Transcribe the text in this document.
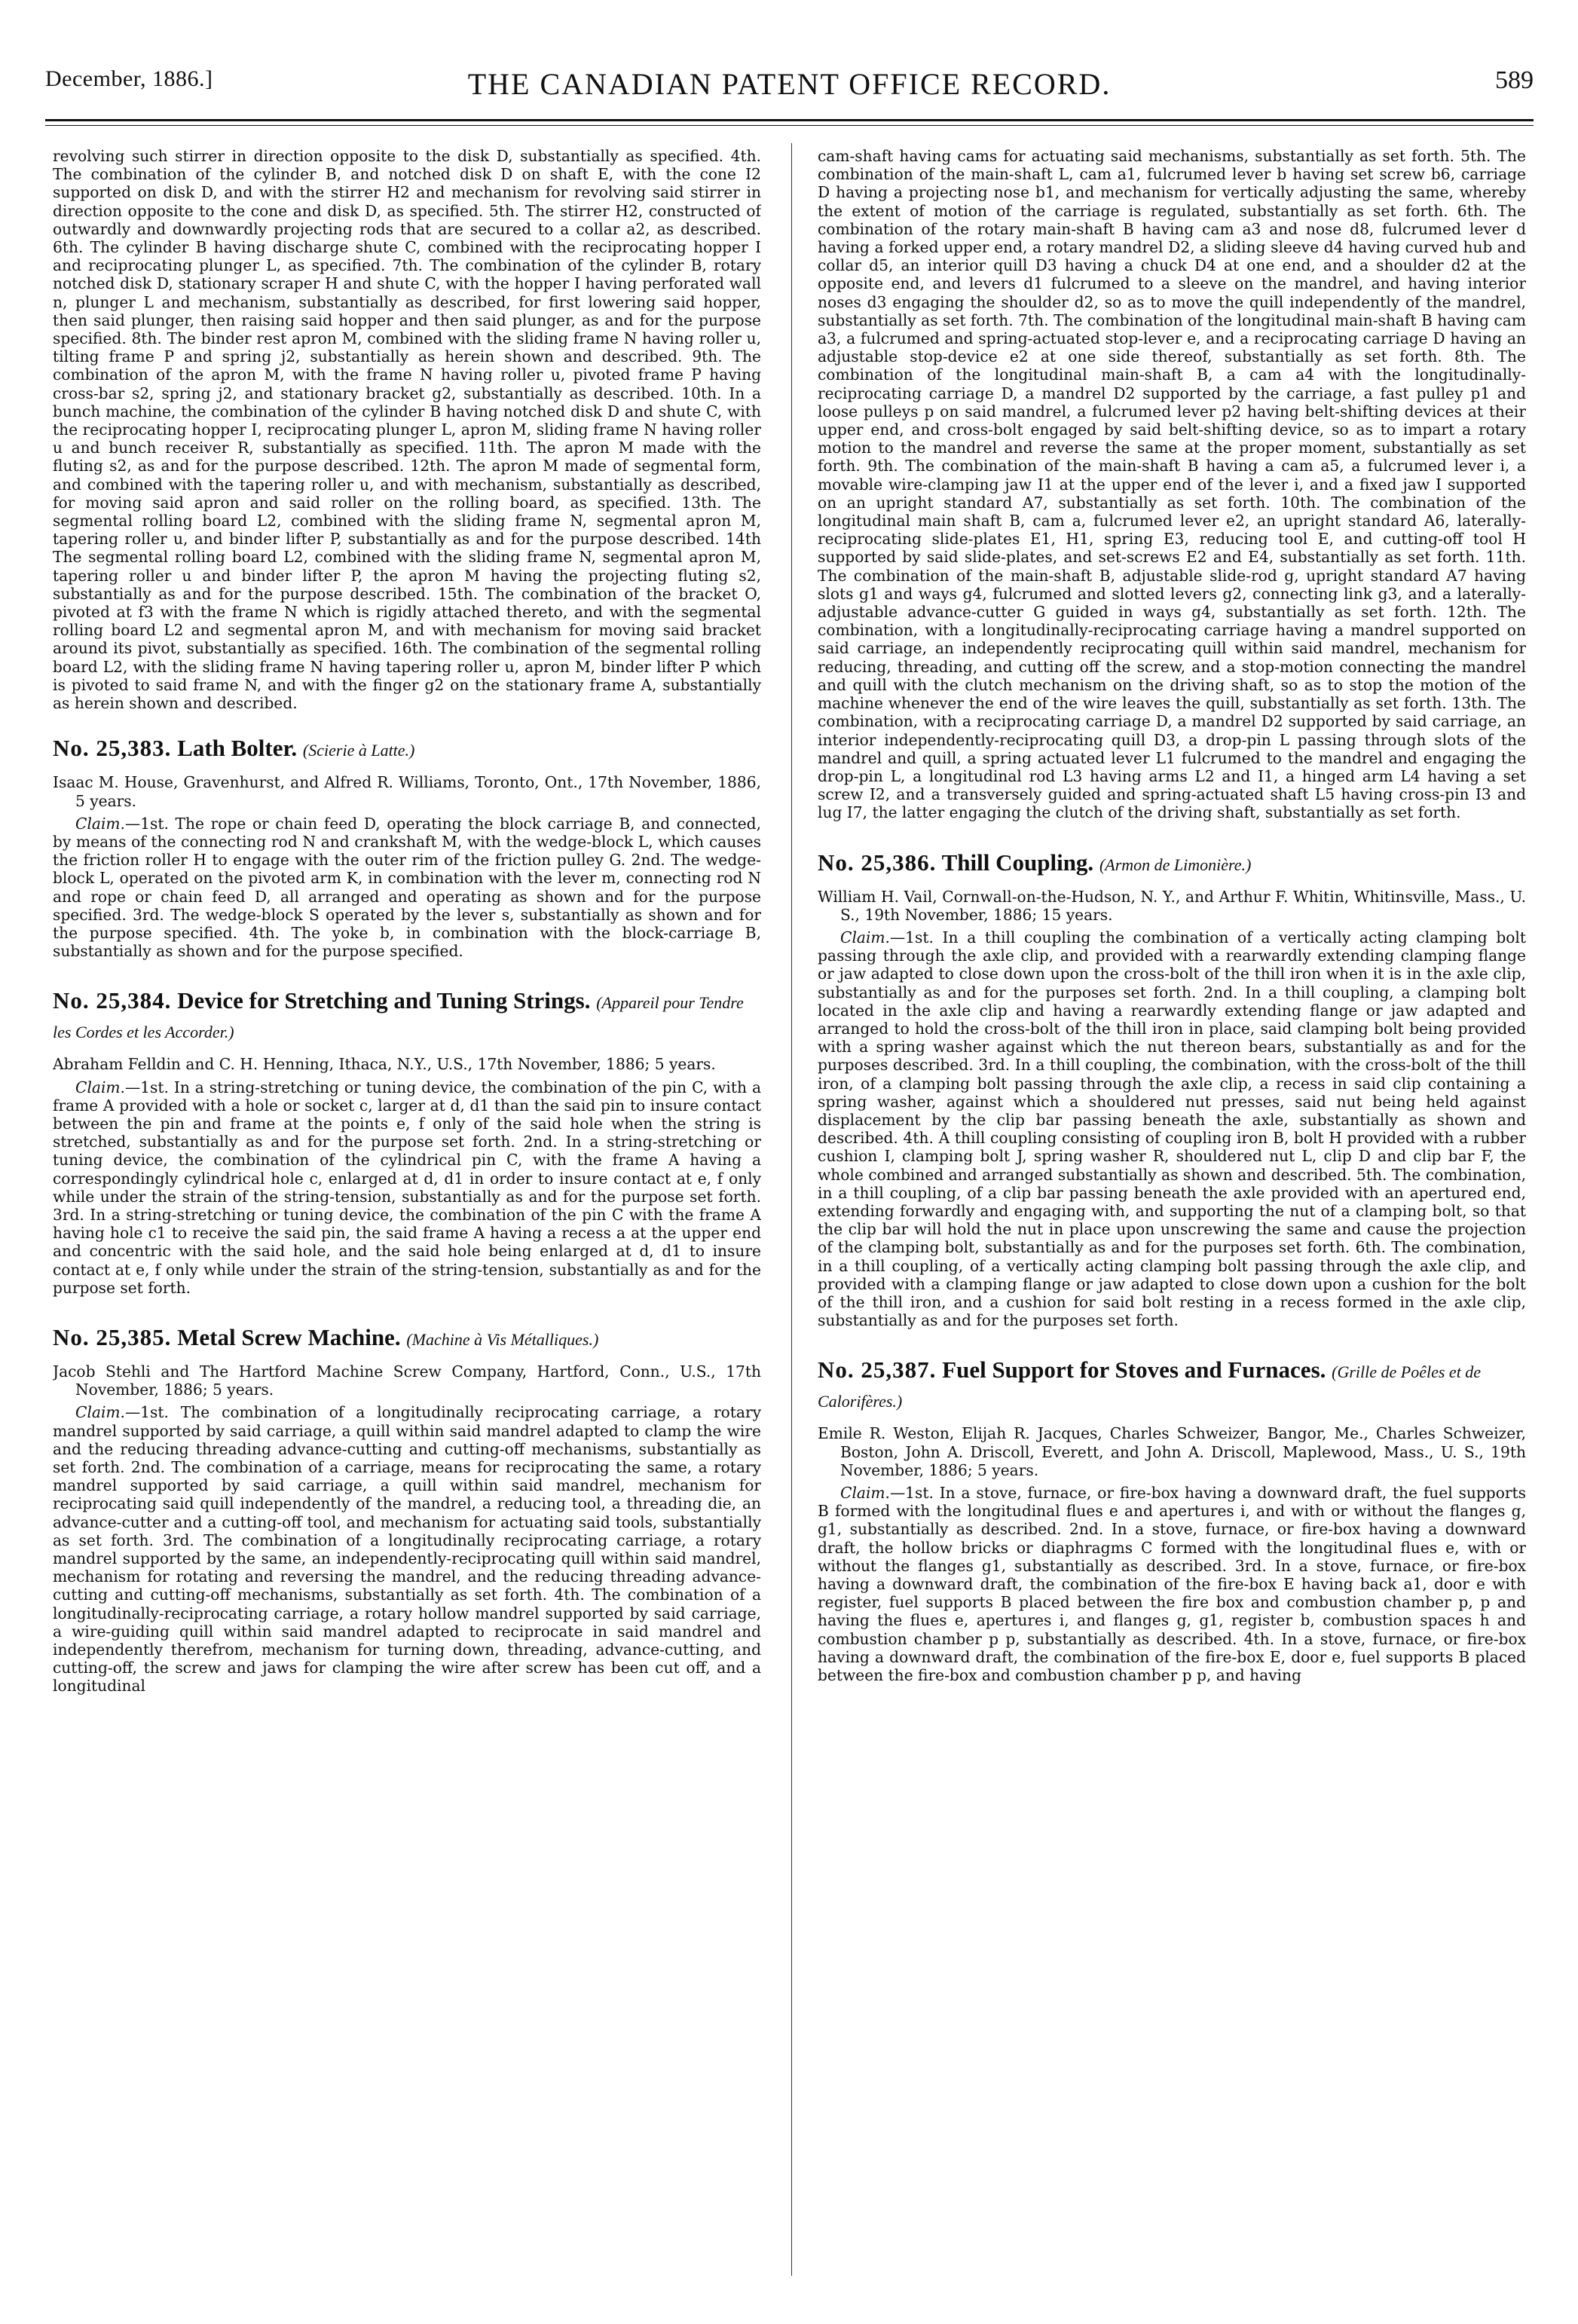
December, 1886.]	THE CANADIAN PATENT OFFICE RECORD.	589

revolving such stirrer in direction opposite to the disk D, substantially as specified. 4th. The combination of the cylinder B, and notched disk D on shaft E, with the cone I2 supported on disk D, and with the stirrer H2 and mechanism for revolving said stirrer in direction opposite to the cone and disk D, as specified. 5th. The stirrer H2, constructed of outwardly and downwardly projecting rods that are secured to a collar a2, as described. 6th. The cylinder B having discharge shute C, combined with the reciprocating hopper I and reciprocating plunger L, as specified. 7th. The combination of the cylinder B, rotary notched disk D, stationary scraper H and shute C, with the hopper I having perforated wall n, plunger L and mechanism, substantially as described, for first lowering said hopper, then said plunger, then raising said hopper and then said plunger, as and for the purpose specified. 8th. The binder rest apron M, combined with the sliding frame N having roller u, tilting frame P and spring j2, substantially as herein shown and described. 9th. The combination of the apron M, with the frame N having roller u, pivoted frame P having cross-bar s2, spring j2, and stationary bracket g2, substantially as described. 10th. In a bunch machine, the combination of the cylinder B having notched disk D and shute C, with the reciprocating hopper I, reciprocating plunger L, apron M, sliding frame N having roller u and bunch receiver R, substantially as specified. 11th. The apron M made with the fluting s2, as and for the purpose described. 12th. The apron M made of segmental form, and combined with the tapering roller u, and with mechanism, substantially as described, for moving said apron and said roller on the rolling board, as specified. 13th. The segmental rolling board L2, combined with the sliding frame N, segmental apron M, tapering roller u, and binder lifter P, substantially as and for the purpose described. 14th The segmental rolling board L2, combined with the sliding frame N, segmental apron M, tapering roller u and binder lifter P, the apron M having the projecting fluting s2, substantially as and for the purpose described. 15th. The combination of the bracket O, pivoted at f3 with the frame N which is rigidly attached thereto, and with the segmental rolling board L2 and segmental apron M, and with mechanism for moving said bracket around its pivot, substantially as specified. 16th. The combination of the segmental rolling board L2, with the sliding frame N having tapering roller u, apron M, binder lifter P which is pivoted to said frame N, and with the finger g2 on the stationary frame A, substantially as herein shown and described.

No. 25,383. Lath Bolter. (Scierie à Latte.)

Isaac M. House, Gravenhurst, and Alfred R. Williams, Toronto, Ont., 17th November, 1886, 5 years.

Claim.—1st. The rope or chain feed D, operating the block carriage B, and connected, by means of the connecting rod N and crankshaft M, with the wedge-block L, which causes the friction roller H to engage with the outer rim of the friction pulley G. 2nd. The wedge-block L, operated on the pivoted arm K, in combination with the lever m, connecting rod N and rope or chain feed D, all arranged and operating as shown and for the purpose specified. 3rd. The wedge-block S operated by the lever s, substantially as shown and for the purpose specified. 4th. The yoke b, in combination with the block-carriage B, substantially as shown and for the purpose specified.

No. 25,384. Device for Stretching and Tuning Strings. (Appareil pour Tendre les Cordes et les Accorder.)

Abraham Felldin and C. H. Henning, Ithaca, N.Y., U.S., 17th November, 1886; 5 years.

Claim.—1st. In a string-stretching or tuning device, the combination of the pin C, with a frame A provided with a hole or socket c, larger at d, d1 than the said pin to insure contact between the pin and frame at the points e, f only of the said hole when the string is stretched, substantially as and for the purpose set forth. 2nd. In a string-stretching or tuning device, the combination of the cylindrical pin C, with the frame A having a correspondingly cylindrical hole c, enlarged at d, d1 in order to insure contact at e, f only while under the strain of the string-tension, substantially as and for the purpose set forth. 3rd. In a string-stretching or tuning device, the combination of the pin C with the frame A having hole c1 to receive the said pin, the said frame A having a recess a at the upper end and concentric with the said hole, and the said hole being enlarged at d, d1 to insure contact at e, f only while under the strain of the string-tension, substantially as and for the purpose set forth.

No. 25,385. Metal Screw Machine. (Machine à Vis Métalliques.)

Jacob Stehli and The Hartford Machine Screw Company, Hartford, Conn., U.S., 17th November, 1886; 5 years.

Claim.—1st. The combination of a longitudinally reciprocating carriage, a rotary mandrel supported by said carriage, a quill within said mandrel adapted to clamp the wire and the reducing threading advance-cutting and cutting-off mechanisms, substantially as set forth. 2nd. The combination of a carriage, means for reciprocating the same, a rotary mandrel supported by said carriage, a quill within said mandrel, mechanism for reciprocating said quill independently of the mandrel, a reducing tool, a threading die, an advance-cutter and a cutting-off tool, and mechanism for actuating said tools, substantially as set forth. 3rd. The combination of a longitudinally reciprocating carriage, a rotary mandrel supported by the same, an independently-reciprocating quill within said mandrel, mechanism for rotating and reversing the mandrel, and the reducing threading advance-cutting and cutting-off mechanisms, substantially as set forth. 4th. The combination of a longitudinally-reciprocating carriage, a rotary hollow mandrel supported by said carriage, a wire-guiding quill within said mandrel adapted to reciprocate in said mandrel and independently therefrom, mechanism for turning down, threading, advance-cutting, and cutting-off, the screw and jaws for clamping the wire after screw has been cut off, and a longitudinal

cam-shaft having cams for actuating said mechanisms, substantially as set forth. 5th. The combination of the main-shaft L, cam a1, fulcrumed lever b having set screw b6, carriage D having a projecting nose b1, and mechanism for vertically adjusting the same, whereby the extent of motion of the carriage is regulated, substantially as set forth. 6th. The combination of the rotary main-shaft B having cam a3 and nose d8, fulcrumed lever d having a forked upper end, a rotary mandrel D2, a sliding sleeve d4 having curved hub and collar d5, an interior quill D3 having a chuck D4 at one end, and a shoulder d2 at the opposite end, and levers d1 fulcrumed to a sleeve on the mandrel, and having interior noses d3 engaging the shoulder d2, so as to move the quill independently of the mandrel, substantially as set forth. 7th. The combination of the longitudinal main-shaft B having cam a3, a fulcrumed and spring-actuated stop-lever e, and a reciprocating carriage D having an adjustable stop-device e2 at one side thereof, substantially as set forth. 8th. The combination of the longitudinal main-shaft B, a cam a4 with the longitudinally-reciprocating carriage D, a mandrel D2 supported by the carriage, a fast pulley p1 and loose pulleys p on said mandrel, a fulcrumed lever p2 having belt-shifting devices at their upper end, and cross-bolt engaged by said belt-shifting device, so as to impart a rotary motion to the mandrel and reverse the same at the proper moment, substantially as set forth. 9th. The combination of the main-shaft B having a cam a5, a fulcrumed lever i, a movable wire-clamping jaw I1 at the upper end of the lever i, and a fixed jaw I supported on an upright standard A7, substantially as set forth. 10th. The combination of the longitudinal main shaft B, cam a, fulcrumed lever e2, an upright standard A6, laterally-reciprocating slide-plates E1, H1, spring E3, reducing tool E, and cutting-off tool H supported by said slide-plates, and set-screws E2 and E4, substantially as set forth. 11th. The combination of the main-shaft B, adjustable slide-rod g, upright standard A7 having slots g1 and ways g4, fulcrumed and slotted levers g2, connecting link g3, and a laterally-adjustable advance-cutter G guided in ways g4, substantially as set forth. 12th. The combination, with a longitudinally-reciprocating carriage having a mandrel supported on said carriage, an independently reciprocating quill within said mandrel, mechanism for reducing, threading, and cutting off the screw, and a stop-motion connecting the mandrel and quill with the clutch mechanism on the driving shaft, so as to stop the motion of the machine whenever the end of the wire leaves the quill, substantially as set forth. 13th. The combination, with a reciprocating carriage D, a mandrel D2 supported by said carriage, an interior independently-reciprocating quill D3, a drop-pin L passing through slots of the mandrel and quill, a spring actuated lever L1 fulcrumed to the mandrel and engaging the drop-pin L, a longitudinal rod L3 having arms L2 and I1, a hinged arm L4 having a set screw I2, and a transversely guided and spring-actuated shaft L5 having cross-pin I3 and lug I7, the latter engaging the clutch of the driving shaft, substantially as set forth.

No. 25,386. Thill Coupling. (Armon de Limonière.)

William H. Vail, Cornwall-on-the-Hudson, N. Y., and Arthur F. Whitin, Whitinsville, Mass., U. S., 19th November, 1886; 15 years.

Claim.—1st. In a thill coupling the combination of a vertically acting clamping bolt passing through the axle clip, and provided with a rearwardly extending clamping flange or jaw adapted to close down upon the cross-bolt of the thill iron when it is in the axle clip, substantially as and for the purposes set forth. 2nd. In a thill coupling, a clamping bolt located in the axle clip and having a rearwardly extending flange or jaw adapted and arranged to hold the cross-bolt of the thill iron in place, said clamping bolt being provided with a spring washer against which the nut thereon bears, substantially as and for the purposes described. 3rd. In a thill coupling, the combination, with the cross-bolt of the thill iron, of a clamping bolt passing through the axle clip, a recess in said clip containing a spring washer, against which a shouldered nut presses, said nut being held against displacement by the clip bar passing beneath the axle, substantially as shown and described. 4th. A thill coupling consisting of coupling iron B, bolt H provided with a rubber cushion I, clamping bolt J, spring washer R, shouldered nut L, clip D and clip bar F, the whole combined and arranged substantially as shown and described. 5th. The combination, in a thill coupling, of a clip bar passing beneath the axle provided with an apertured end, extending forwardly and engaging with, and supporting the nut of a clamping bolt, so that the clip bar will hold the nut in place upon unscrewing the same and cause the projection of the clamping bolt, substantially as and for the purposes set forth. 6th. The combination, in a thill coupling, of a vertically acting clamping bolt passing through the axle clip, and provided with a clamping flange or jaw adapted to close down upon a cushion for the bolt of the thill iron, and a cushion for said bolt resting in a recess formed in the axle clip, substantially as and for the purposes set forth.

No. 25,387. Fuel Support for Stoves and Furnaces. (Grille de Poêles et de Calorifères.)

Emile R. Weston, Elijah R. Jacques, Charles Schweizer, Bangor, Me., Charles Schweizer, Boston, John A. Driscoll, Everett, and John A. Driscoll, Maplewood, Mass., U. S., 19th November, 1886; 5 years.

Claim.—1st. In a stove, furnace, or fire-box having a downward draft, the fuel supports B formed with the longitudinal flues e and apertures i, and with or without the flanges g, g1, substantially as described. 2nd. In a stove, furnace, or fire-box having a downward draft, the hollow bricks or diaphragms C formed with the longitudinal flues e, with or without the flanges g1, substantially as described. 3rd. In a stove, furnace, or fire-box having a downward draft, the combination of the fire-box E having back a1, door e with register, fuel supports B placed between the fire box and combustion chamber p, p and having the flues e, apertures i, and flanges g, g1, register b, combustion spaces h and combustion chamber p p, substantially as described. 4th. In a stove, furnace, or fire-box having a downward draft, the combination of the fire-box E, door e, fuel supports B placed between the fire-box and combustion chamber p p, and having
